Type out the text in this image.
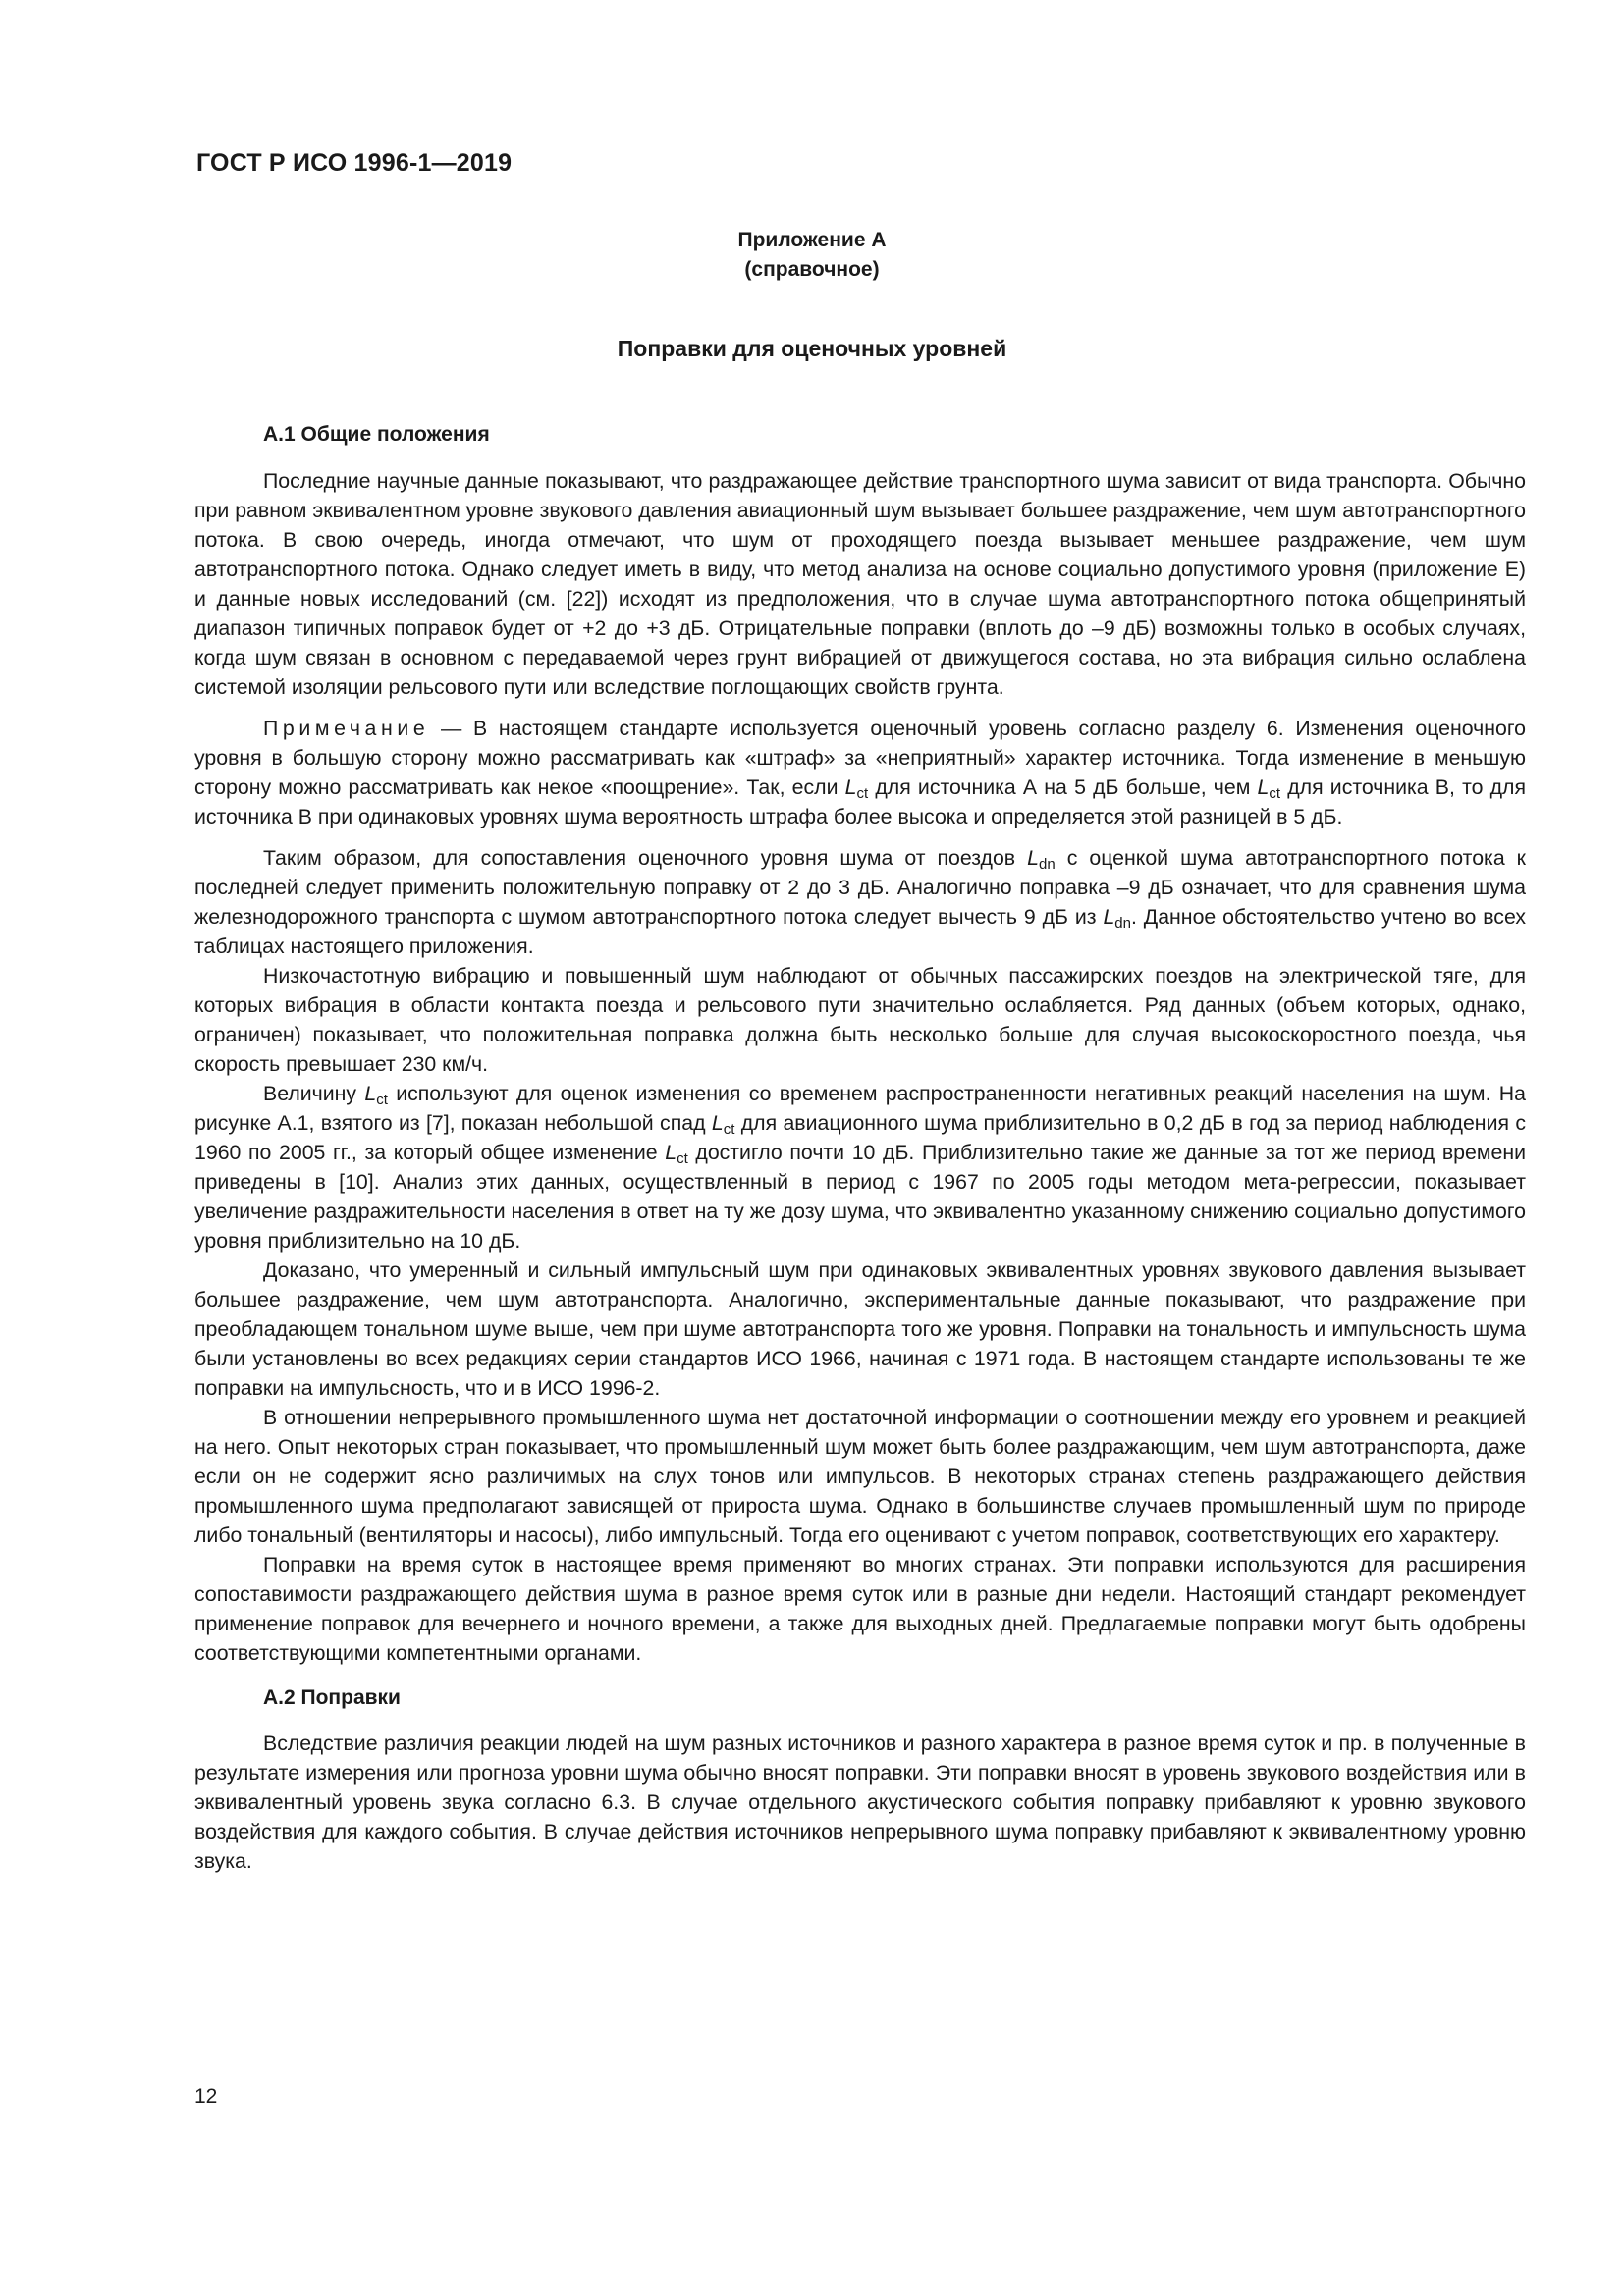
ГОСТ Р ИСО 1996-1—2019
Приложение А
(справочное)
Поправки для оценочных уровней
А.1 Общие положения

Последние научные данные показывают, что раздражающее действие транспортного шума зависит от вида транспорта. Обычно при равном эквивалентном уровне звукового давления авиационный шум вызывает большее раздражение, чем шум автотранспортного потока. В свою очередь, иногда отмечают, что шум от проходящего поезда вызывает меньшее раздражение, чем шум автотранспортного потока. Однако следует иметь в виду, что метод анализа на основе социально допустимого уровня (приложение Е) и данные новых исследований (см. [22]) исходят из предположения, что в случае шума автотранспортного потока общепринятый диапазон типичных поправок будет от +2 до +3 дБ. Отрицательные поправки (вплоть до –9 дБ) возможны только в особых случаях, когда шум связан в основном с передаваемой через грунт вибрацией от движущегося состава, но эта вибрация сильно ослаблена системой изоляции рельсового пути или вследствие поглощающих свойств грунта.

Примечание — В настоящем стандарте используется оценочный уровень согласно разделу 6. Изменения оценочного уровня в большую сторону можно рассматривать как «штраф» за «неприятный» характер источника. Тогда изменение в меньшую сторону можно рассматривать как некое «поощрение». Так, если $L_{ct}$ для источника А на 5 дБ больше, чем $L_{ct}$ для источника В, то для источника В при одинаковых уровнях шума вероятность штрафа более высока и определяется этой разницей в 5 дБ.

Таким образом, для сопоставления оценочного уровня шума от поездов $L_{dn}$ с оценкой шума автотранспортного потока к последней следует применить положительную поправку от 2 до 3 дБ. Аналогично поправка –9 дБ означает, что для сравнения шума железнодорожного транспорта с шумом автотранспортного потока следует вычесть 9 дБ из $L_{dn}$. Данное обстоятельство учтено во всех таблицах настоящего приложения.

Низкочастотную вибрацию и повышенный шум наблюдают от обычных пассажирских поездов на электрической тяге, для которых вибрация в области контакта поезда и рельсового пути значительно ослабляется. Ряд данных (объем которых, однако, ограничен) показывает, что положительная поправка должна быть несколько больше для случая высокоскоростного поезда, чья скорость превышает 230 км/ч.

Величину $L_{ct}$ используют для оценок изменения со временем распространенности негативных реакций населения на шум. На рисунке А.1, взятого из [7], показан небольшой спад $L_{ct}$ для авиационного шума приблизительно в 0,2 дБ в год за период наблюдения с 1960 по 2005 гг., за который общее изменение $L_{ct}$ достигло почти 10 дБ. Приблизительно такие же данные за тот же период времени приведены в [10]. Анализ этих данных, осуществленный в период с 1967 по 2005 годы методом мета-регрессии, показывает увеличение раздражительности населения в ответ на ту же дозу шума, что эквивалентно указанному снижению социально допустимого уровня приблизительно на 10 дБ.

Доказано, что умеренный и сильный импульсный шум при одинаковых эквивалентных уровнях звукового давления вызывает большее раздражение, чем шум автотранспорта. Аналогично, экспериментальные данные показывают, что раздражение при преобладающем тональном шуме выше, чем при шуме автотранспорта того же уровня. Поправки на тональность и импульсность шума были установлены во всех редакциях серии стандартов ИСО 1966, начиная с 1971 года. В настоящем стандарте использованы те же поправки на импульсность, что и в ИСО 1996-2.

В отношении непрерывного промышленного шума нет достаточной информации о соотношении между его уровнем и реакцией на него. Опыт некоторых стран показывает, что промышленный шум может быть более раздражающим, чем шум автотранспорта, даже если он не содержит ясно различимых на слух тонов или импульсов. В некоторых странах степень раздражающего действия промышленного шума предполагают зависящей от прироста шума. Однако в большинстве случаев промышленный шум по природе либо тональный (вентиляторы и насосы), либо импульсный. Тогда его оценивают с учетом поправок, соответствующих его характеру.

Поправки на время суток в настоящее время применяют во многих странах. Эти поправки используются для расширения сопоставимости раздражающего действия шума в разное время суток или в разные дни недели. Настоящий стандарт рекомендует применение поправок для вечернего и ночного времени, а также для выходных дней. Предлагаемые поправки могут быть одобрены соответствующими компетентными органами.

А.2 Поправки

Вследствие различия реакции людей на шум разных источников и разного характера в разное время суток и пр. в полученные в результате измерения или прогноза уровни шума обычно вносят поправки. Эти поправки вносят в уровень звукового воздействия или в эквивалентный уровень звука согласно 6.3. В случае отдельного акустического события поправку прибавляют к уровню звукового воздействия для каждого события. В случае действия источников непрерывного шума поправку прибавляют к эквивалентному уровню звука.

12
